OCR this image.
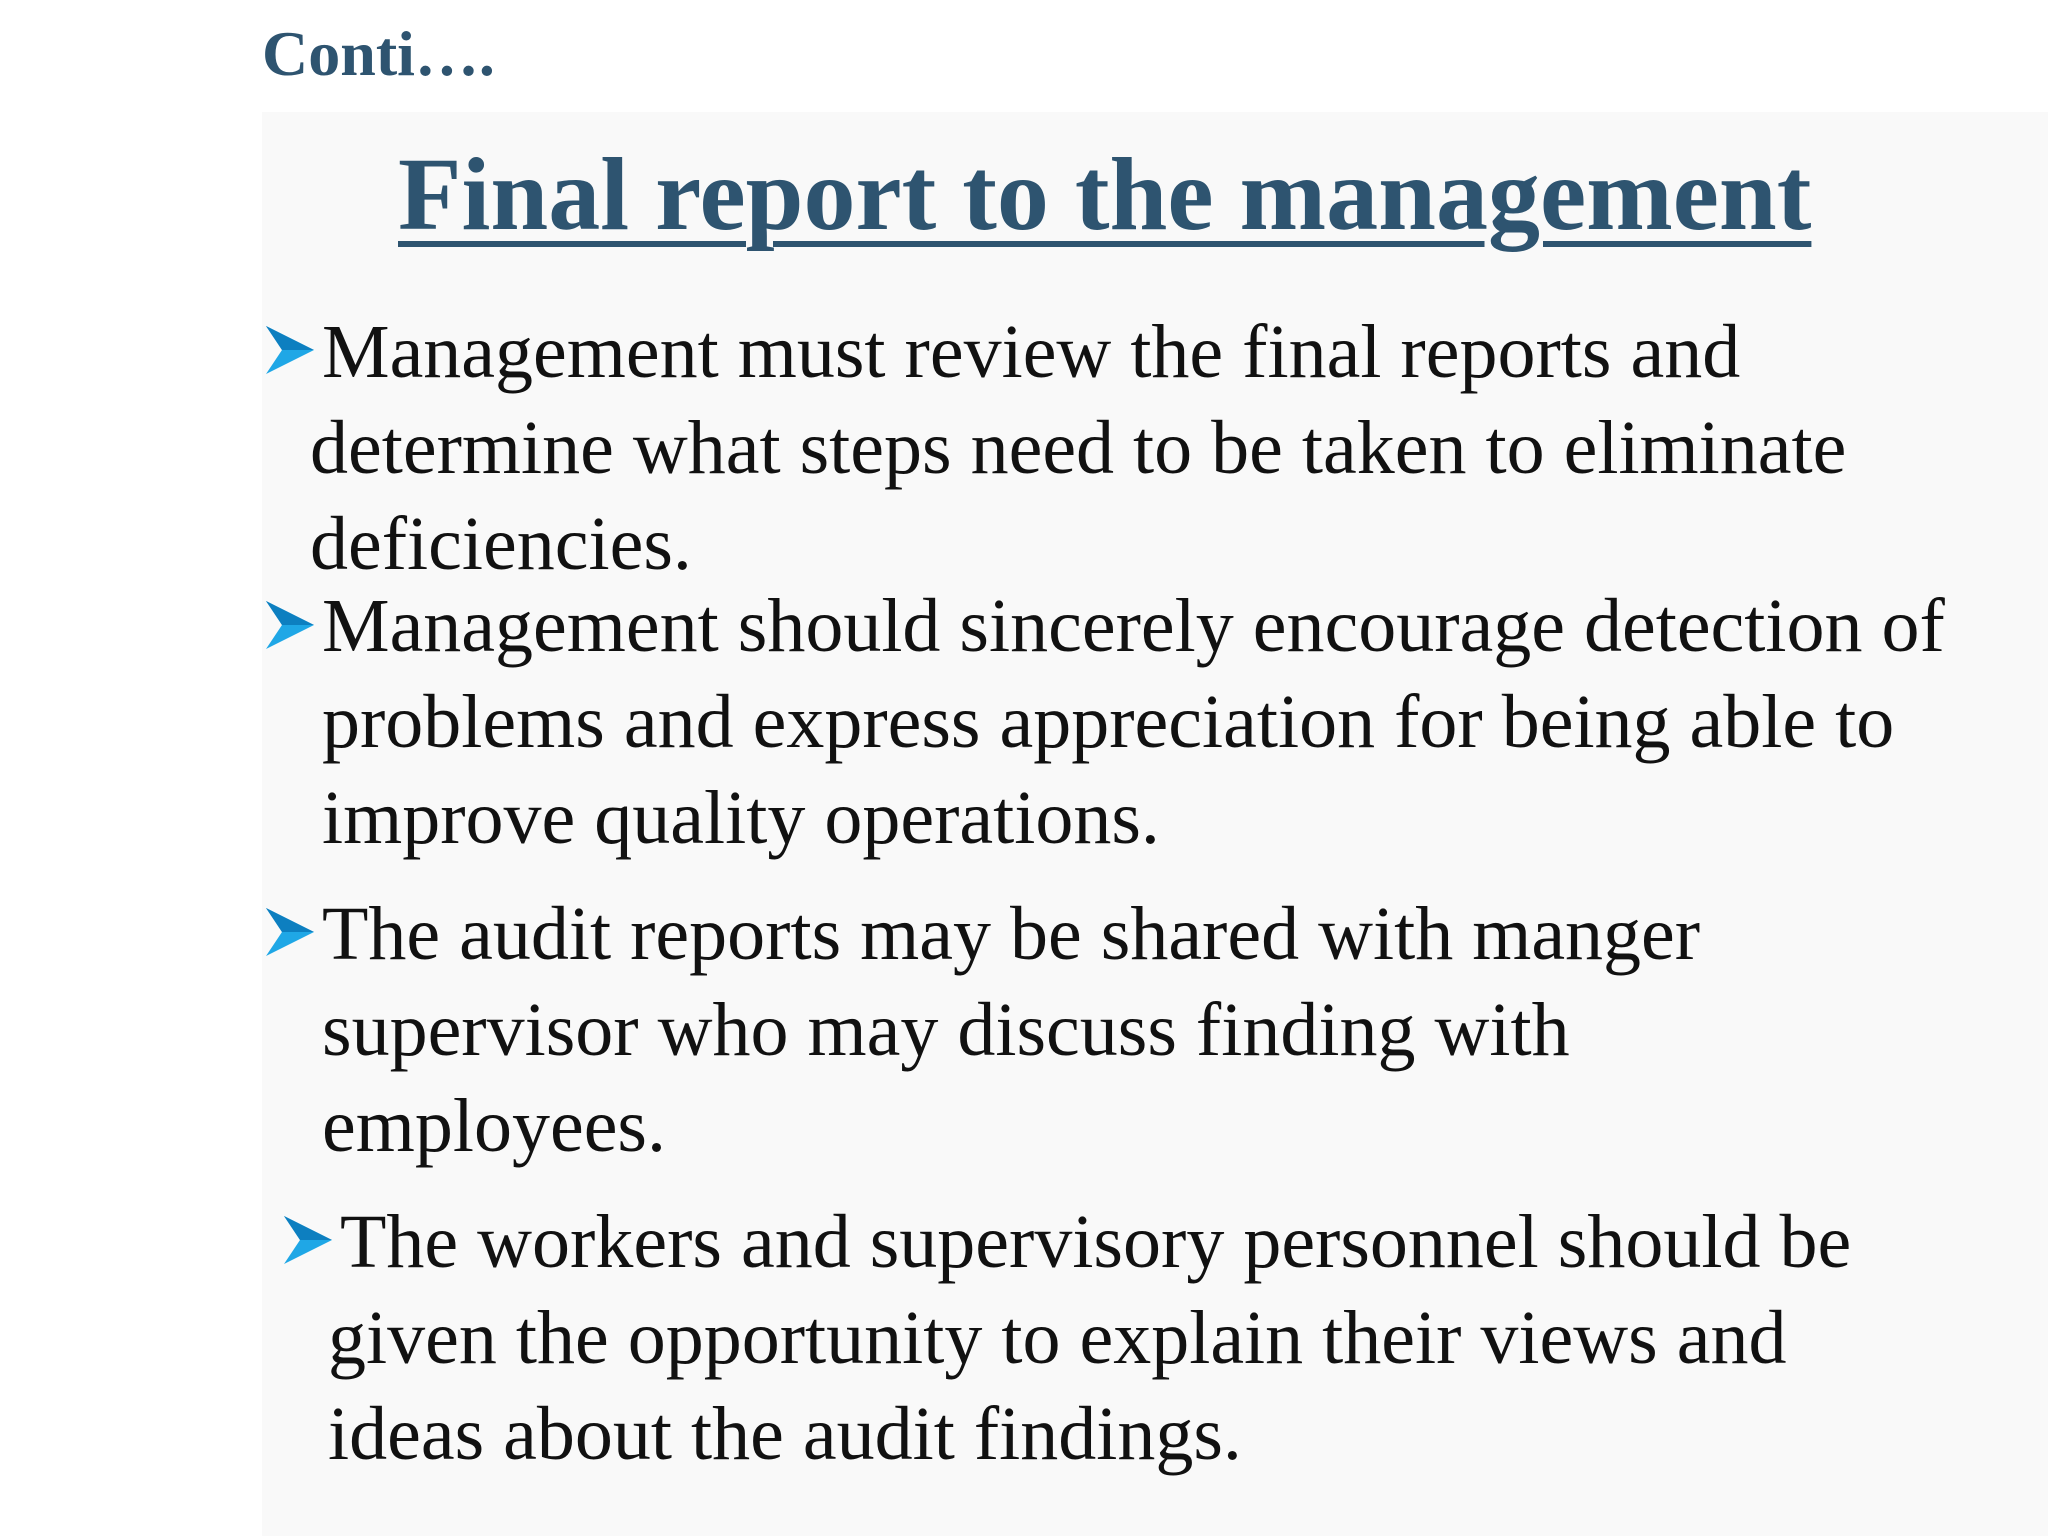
Conti….
Final report to the management
Management must review the final reports and
determine what steps need to be taken to eliminate
deficiencies.
Management should sincerely encourage detection of
problems and express appreciation for being able to
improve quality operations.
The audit reports may be shared with manger
supervisor who may discuss finding with
employees.
The workers and supervisory personnel should be
given the opportunity to explain their views and
ideas about the audit findings.
